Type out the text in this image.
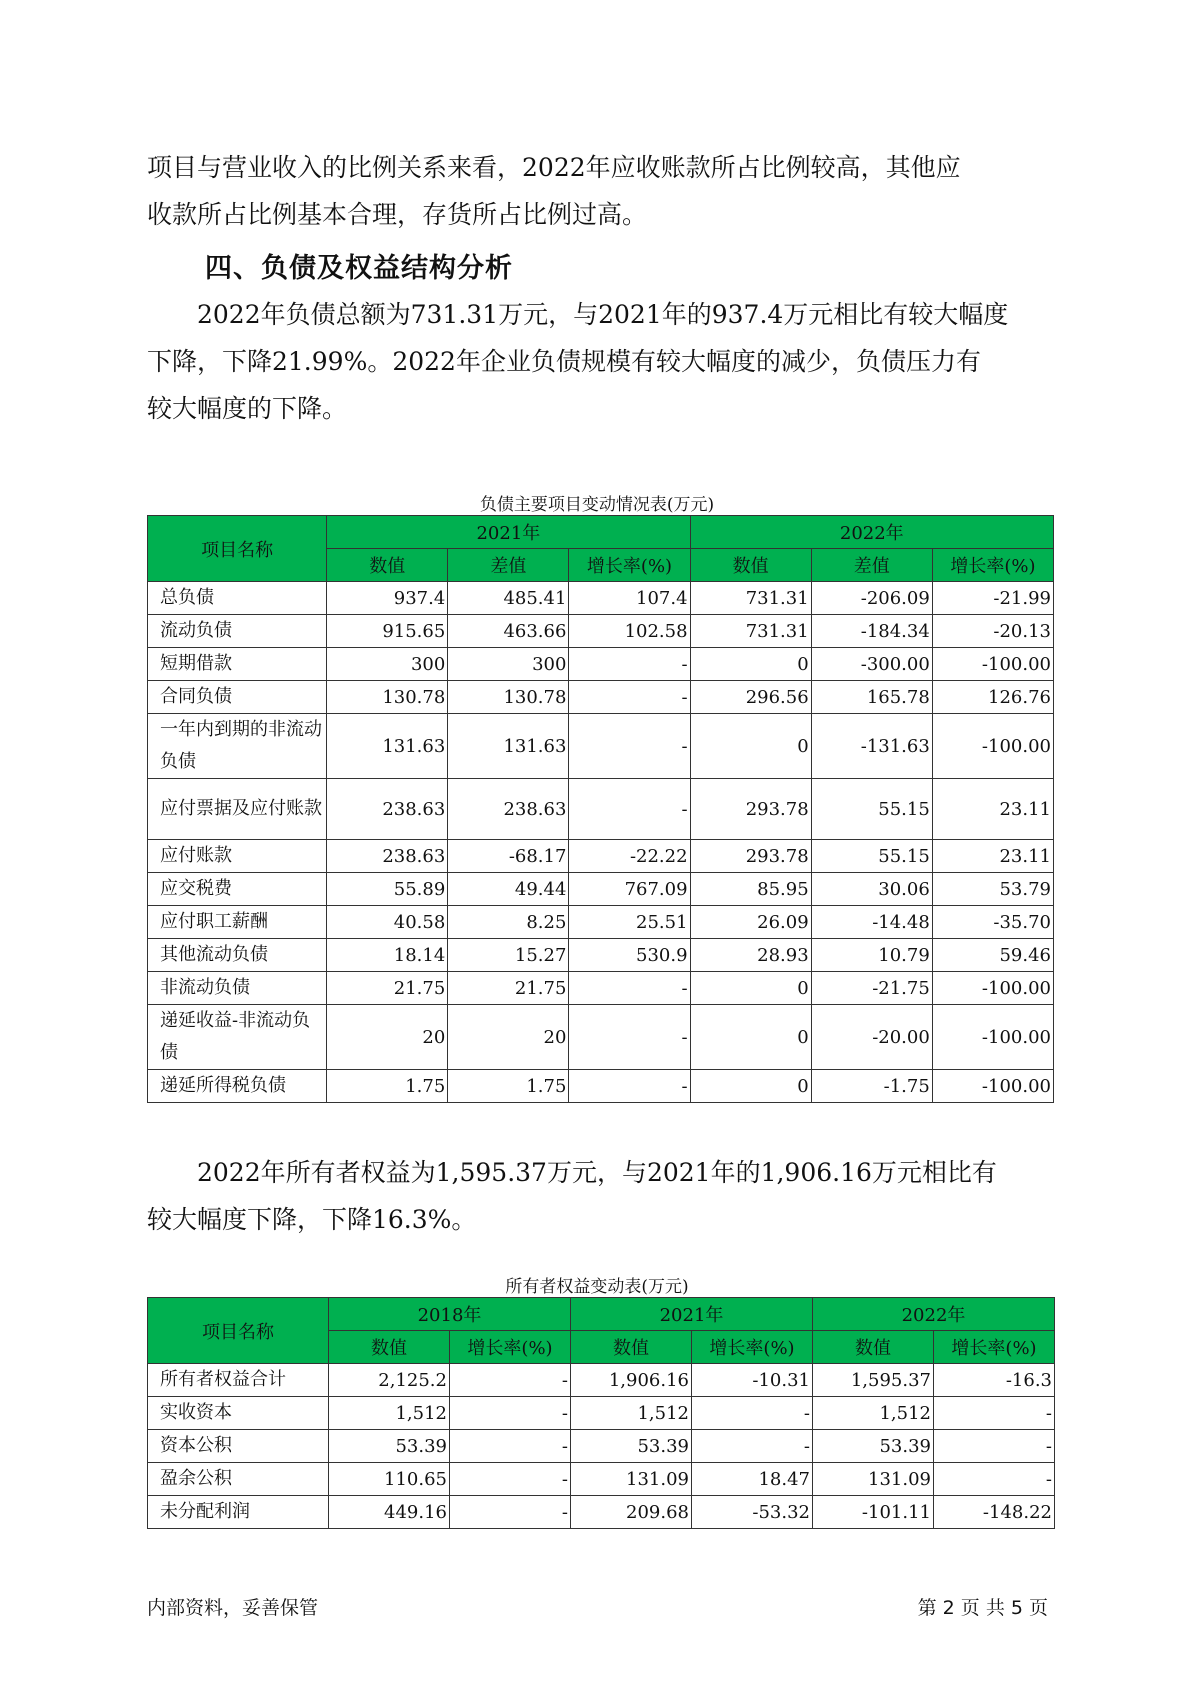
项目与营业收入的比例关系来看，2022年应收账款所占比例较高，其他应
收款所占比例基本合理，存货所占比例过高。
四、负债及权益结构分析
2022年负债总额为731.31万元，与2021年的937.4万元相比有较大幅度
下降，下降21.99%。2022年企业负债规模有较大幅度的减少，负债压力有
较大幅度的下降。
负债主要项目变动情况表(万元)
项目名称	2021年			2022年		
	数值	差值	增长率(%)	数值	差值	增长率(%)
总负债	937.4	485.41	107.4	731.31	-206.09	-21.99
流动负债	915.65	463.66	102.58	731.31	-184.34	-20.13
短期借款	300	300	-	0	-300.00	-100.00
合同负债	130.78	130.78	-	296.56	165.78	126.76
一年内到期的非流动负债	131.63	131.63	-	0	-131.63	-100.00
应付票据及应付账款	238.63	238.63	-	293.78	55.15	23.11
应付账款	238.63	-68.17	-22.22	293.78	55.15	23.11
应交税费	55.89	49.44	767.09	85.95	30.06	53.79
应付职工薪酬	40.58	8.25	25.51	26.09	-14.48	-35.70
其他流动负债	18.14	15.27	530.9	28.93	10.79	59.46
非流动负债	21.75	21.75	-	0	-21.75	-100.00
递延收益-非流动负债	20	20	-	0	-20.00	-100.00
递延所得税负债	1.75	1.75	-	0	-1.75	-100.00
2022年所有者权益为1,595.37万元，与2021年的1,906.16万元相比有
较大幅度下降，下降16.3%。
所有者权益变动表(万元)
项目名称	2018年		2021年		2022年	
	数值	增长率(%)	数值	增长率(%)	数值	增长率(%)
所有者权益合计	2,125.2	-	1,906.16	-10.31	1,595.37	-16.3
实收资本	1,512	-	1,512	-	1,512	-
资本公积	53.39	-	53.39	-	53.39	-
盈余公积	110.65	-	131.09	18.47	131.09	-
未分配利润	449.16	-	209.68	-53.32	-101.11	-148.22
内部资料，妥善保管	第 2 页 共 5 页
